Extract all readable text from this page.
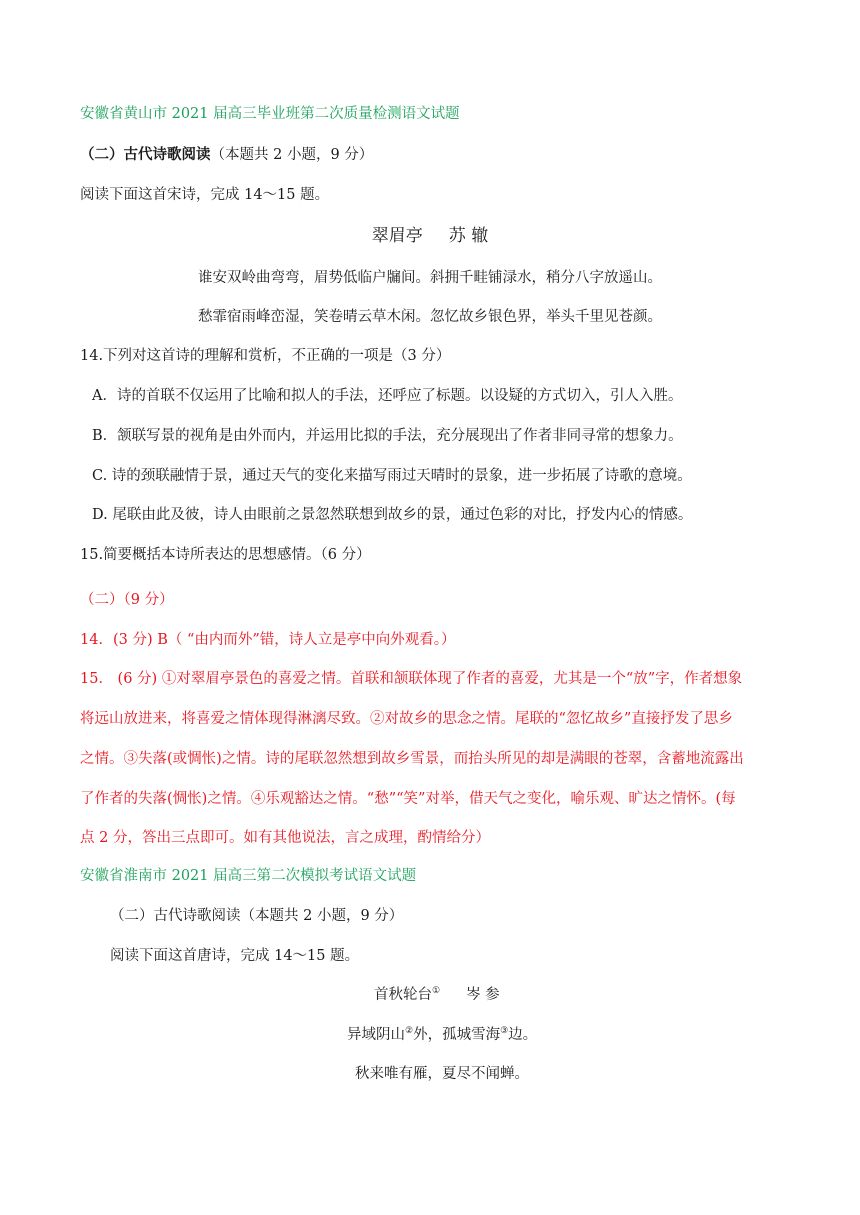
安徽省黄山市 2021 届高三毕业班第二次质量检测语文试题
（二）古代诗歌阅读（本题共 2 小题，9 分）
阅读下面这首宋诗，完成 14～15 题。
翠眉亭 苏 辙
谁安双岭曲弯弯，眉势低临户牖间。斜拥千畦铺渌水，稍分八字放遥山。
愁霏宿雨峰峦湿，笑卷晴云草木闲。忽忆故乡银色界，举头千里见苍颜。
14.下列对这首诗的理解和赏析，不正确的一项是（3 分）
A．诗的首联不仅运用了比喻和拟人的手法，还呼应了标题。以设疑的方式切入，引人入胜。
B．颔联写景的视角是由外而内，并运用比拟的手法，充分展现出了作者非同寻常的想象力。
C. 诗的颈联融情于景，通过天气的变化来描写雨过天晴时的景象，进一步拓展了诗歌的意境。
D. 尾联由此及彼，诗人由眼前之景忽然联想到故乡的景，通过色彩的对比，抒发内心的情感。
15.简要概括本诗所表达的思想感情。（6 分）
（二）（9 分）
14．(3 分) B（ “由内而外”错，诗人立是亭中向外观看。）
15． (6 分) ①对翠眉亭景色的喜爱之情。首联和颔联体现了作者的喜爱，尤其是一个“放”字，作者想象
将远山放进来，将喜爱之情体现得淋漓尽致。②对故乡的思念之情。尾联的“忽忆故乡”直接抒发了思乡
之情。③失落(或惆怅)之情。诗的尾联忽然想到故乡雪景，而抬头所见的却是满眼的苍翠，含蓄地流露出
了作者的失落(惆怅)之情。④乐观豁达之情。“愁”“笑”对举，借天气之变化，喻乐观、旷达之情怀。(每
点 2 分，答出三点即可。如有其他说法，言之成理，酌情给分）
安徽省淮南市 2021 届高三第二次模拟考试语文试题
（二）古代诗歌阅读（本题共 2 小题，9 分）
阅读下面这首唐诗，完成 14～15 题。
首秋轮台① 岑 参
异域阴山②外，孤城雪海③边。
秋来唯有雁，夏尽不闻蝉。
